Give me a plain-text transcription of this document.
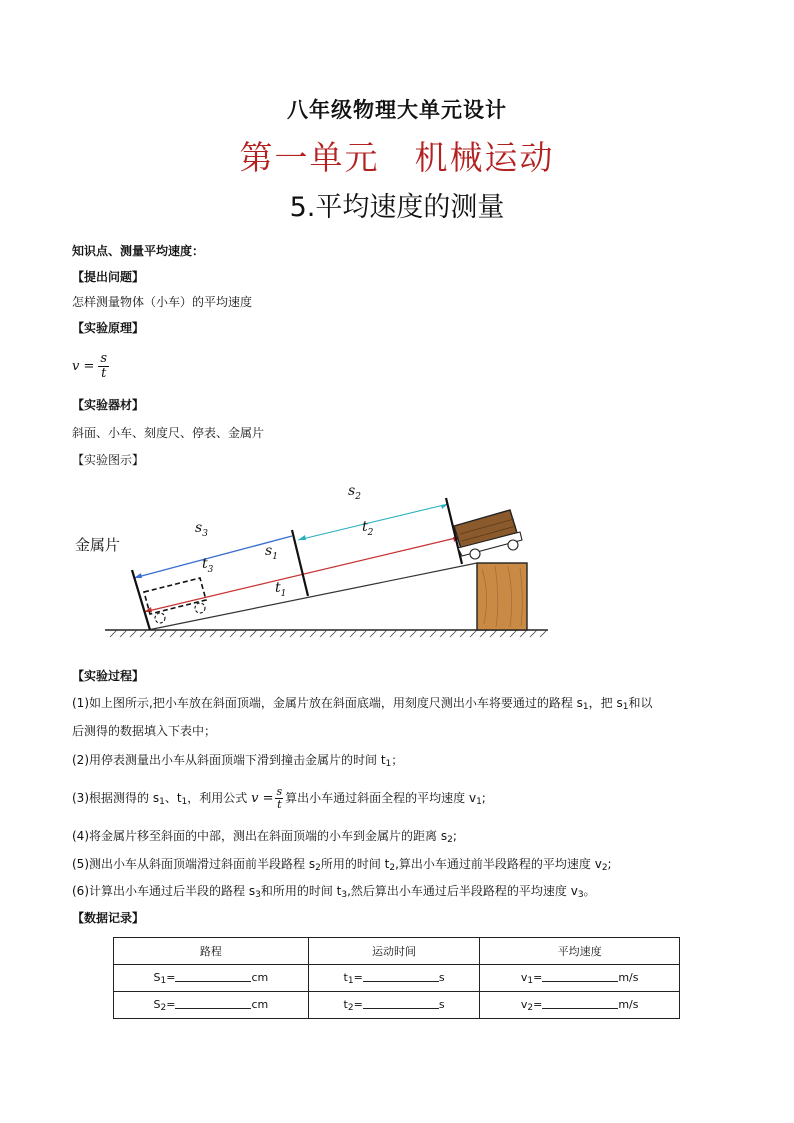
八年级物理大单元设计
第一单元　机械运动
5.平均速度的测量
知识点、测量平均速度：
【提出问题】
怎样测量物体（小车）的平均速度
【实验原理】
$v = \frac{s}{t}$
【实验器材】
斜面、小车、刻度尺、停表、金属片
【实验图示】
金属片
$s_3$
$t_3$
$s_1$
$t_1$
$s_2$
$t_2$
【实验过程】
(1)如上图所示,把小车放在斜面顶端，金属片放在斜面底端，用刻度尺测出小车将要通过的路程 s1，把 s1和以
后测得的数据填入下表中；
(2)用停表测量出小车从斜面顶端下滑到撞击金属片的时间 t1；
(3)根据测得的 s1、t1，利用公式 $v = \frac{s}{t}$ 算出小车通过斜面全程的平均速度 v1;
(4)将金属片移至斜面的中部，测出在斜面顶端的小车到金属片的距离 s2;
(5)测出小车从斜面顶端滑过斜面前半段路程 s2所用的时间 t2,算出小车通过前半段路程的平均速度 v2;
(6)计算出小车通过后半段的路程 s3和所用的时间 t3,然后算出小车通过后半段路程的平均速度 v3。
【数据记录】
路程	运动时间	平均速度
S1= cm	t1= s	v1= m/s
S2= cm	t2= s	v2= m/s
